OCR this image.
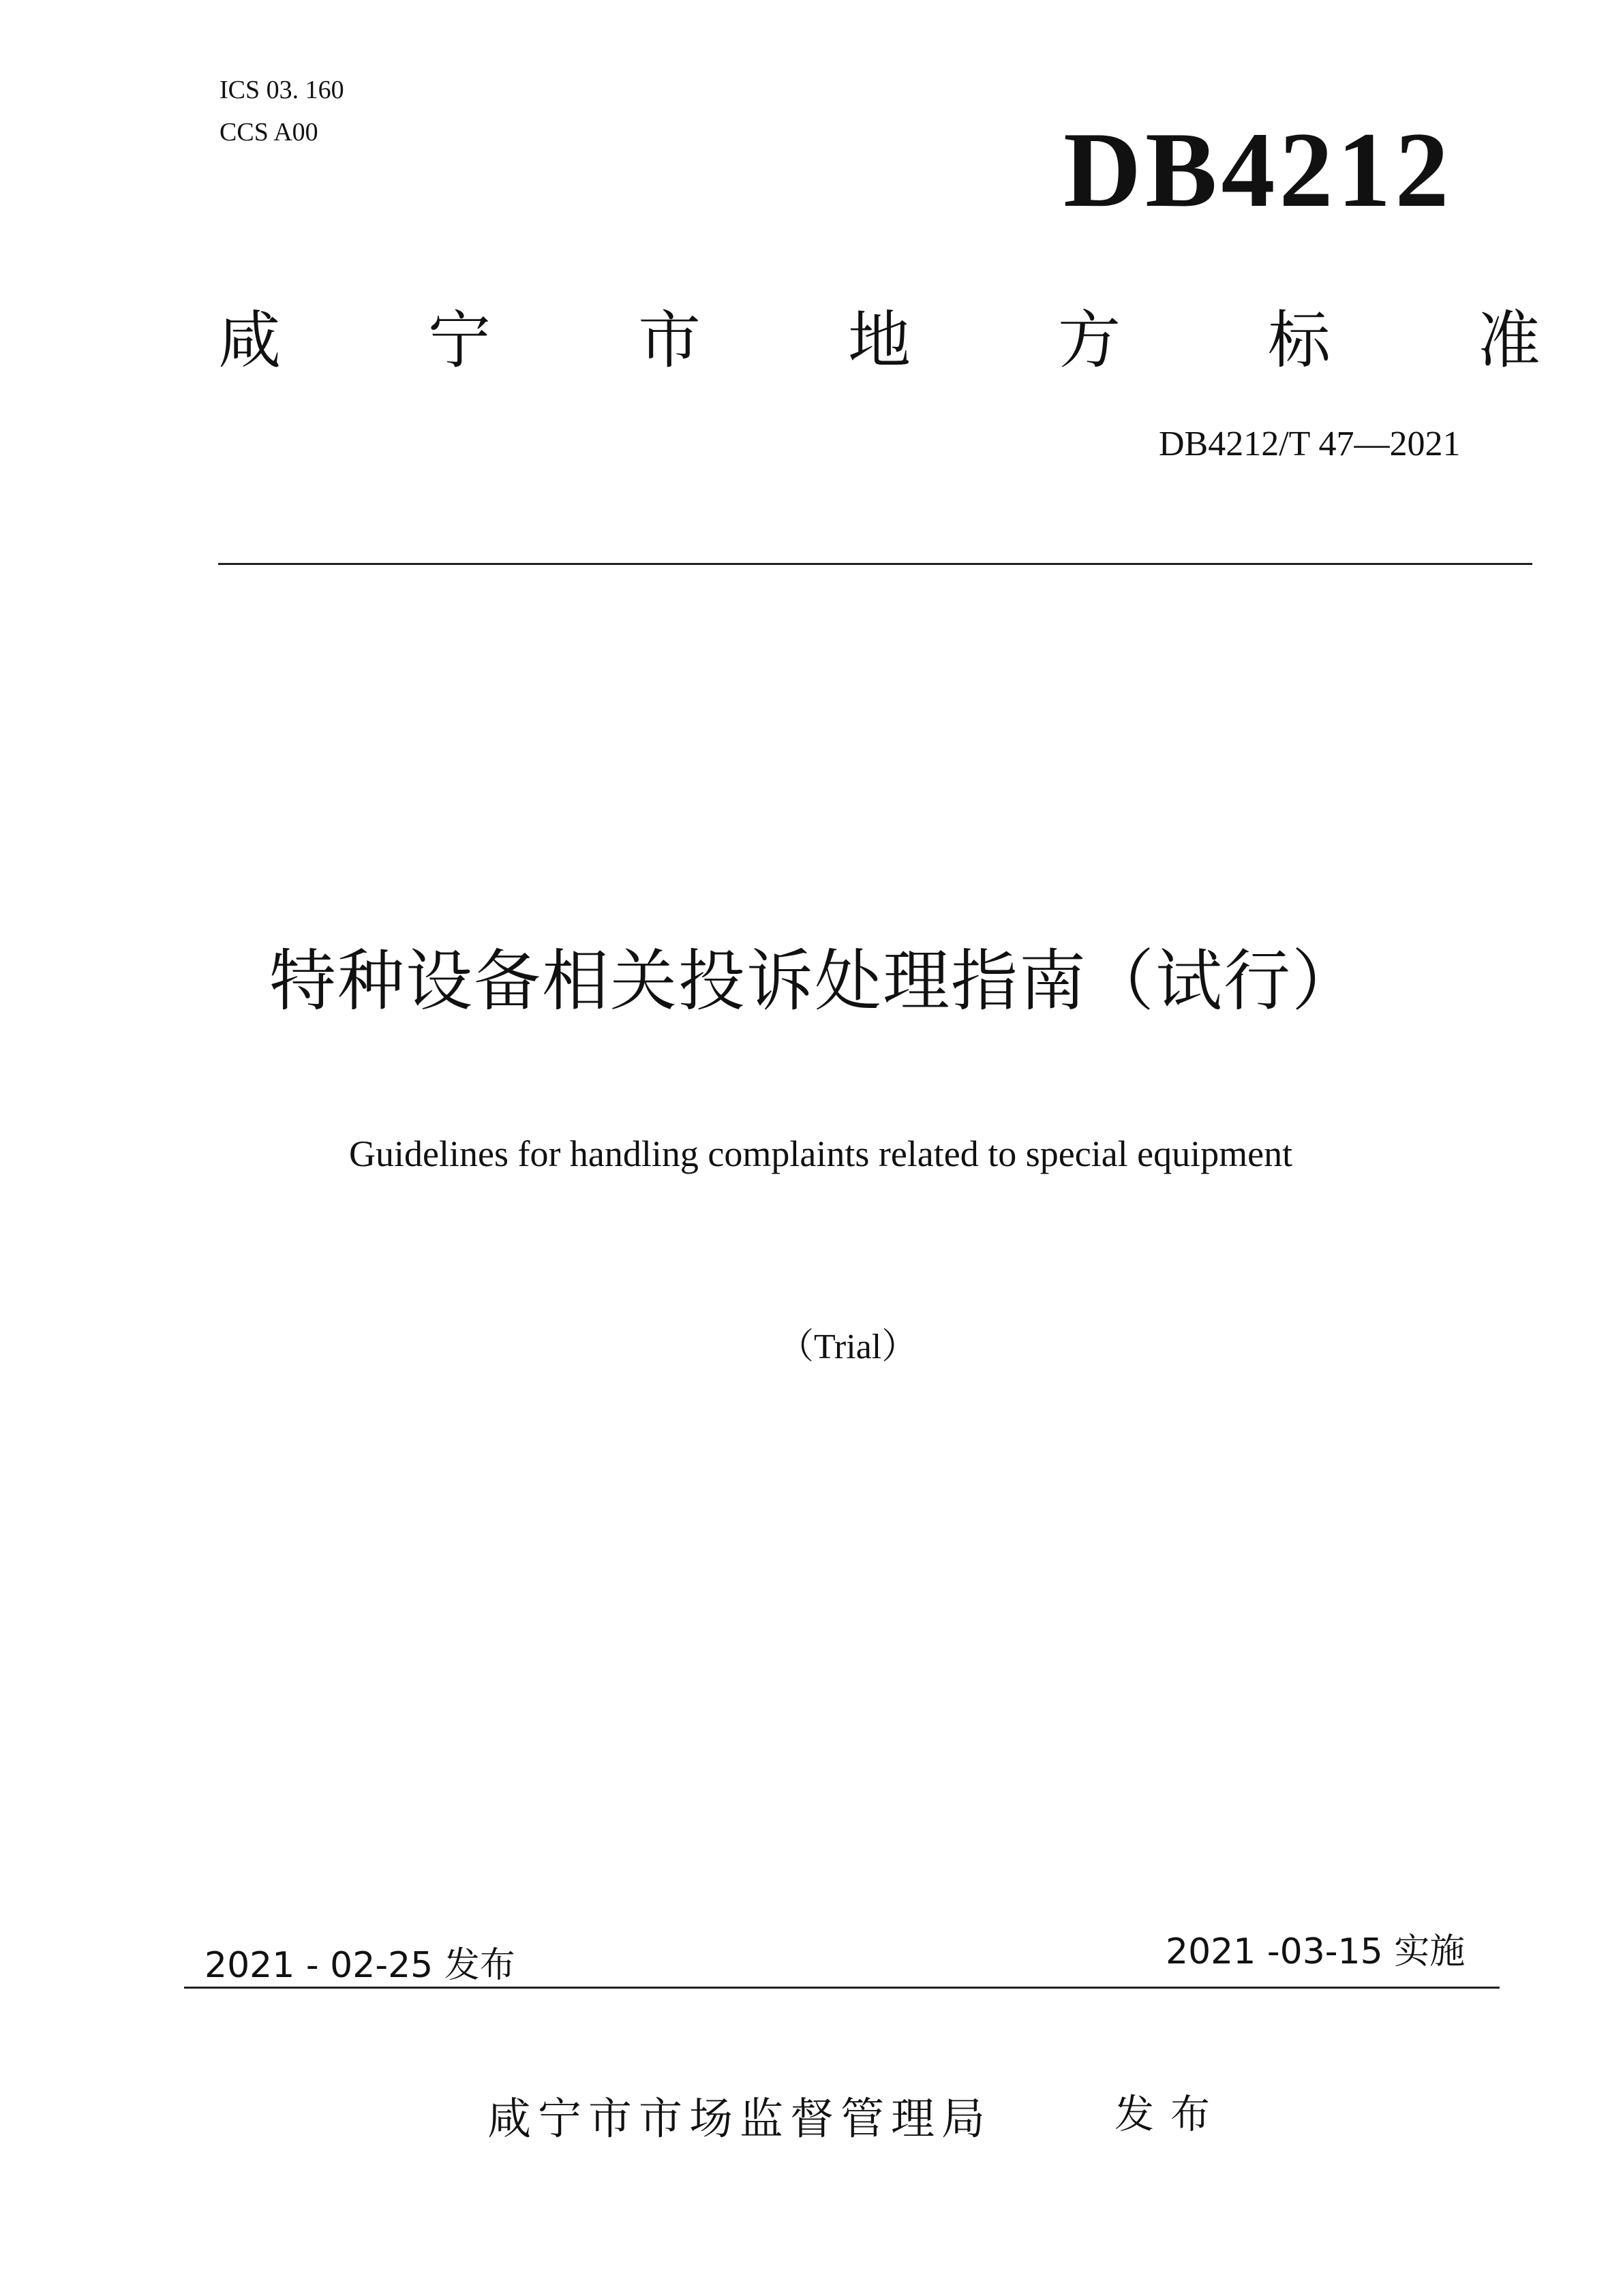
ICS 03. 160
CCS A00	DB4212
咸 宁 市 地 方 标 准
DB4212/T 47—2021
特种设备相关投诉处理指南（试行）
Guidelines for handling complaints related to special equipment
（Trial）
2021 - 02-25 发布	2021 -03-15 实施
咸宁市市场监督管理局	发布
